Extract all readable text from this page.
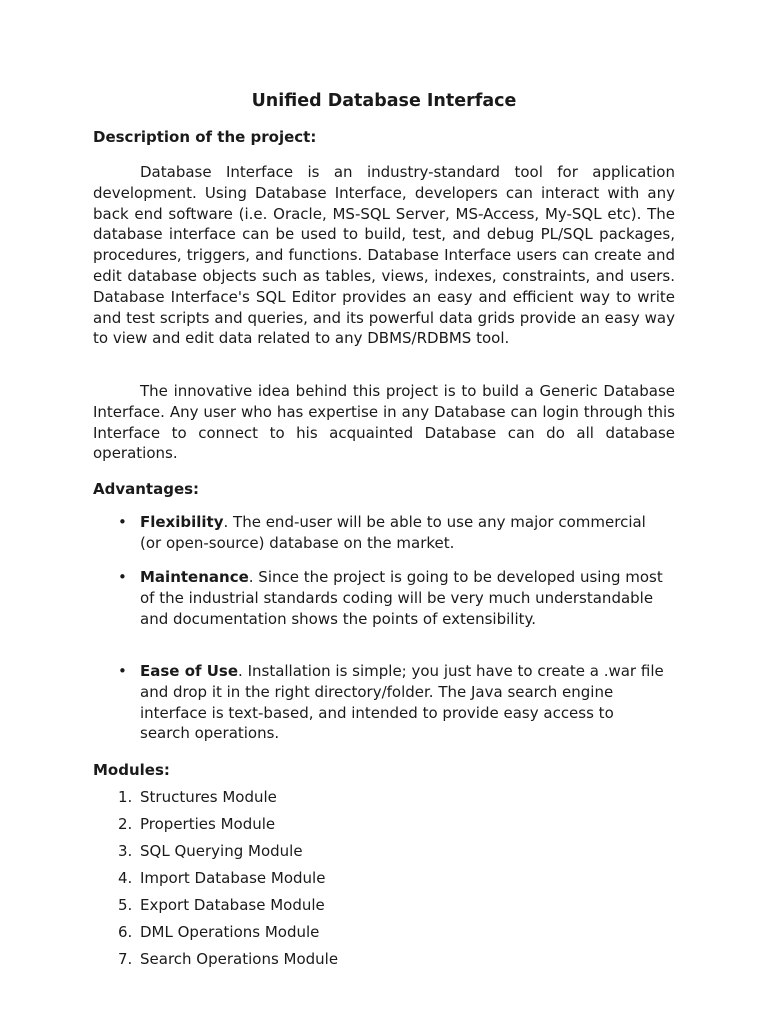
Unified Database Interface
Description of the project:

Database Interface is an industry-standard tool for application development. Using Database Interface, developers can interact with any back end software (i.e. Oracle, MS-SQL Server, MS-Access, My-SQL etc). The database interface can be used to build, test, and debug PL/SQL packages, procedures, triggers, and functions. Database Interface users can create and edit database objects such as tables, views, indexes, constraints, and users. Database Interface's SQL Editor provides an easy and efficient way to write and test scripts and queries, and its powerful data grids provide an easy way to view and edit data related to any DBMS/RDBMS tool.

The innovative idea behind this project is to build a Generic Database Interface. Any user who has expertise in any Database can login through this Interface to connect to his acquainted Database can do all database operations.

Advantages:
• Flexibility. The end-user will be able to use any major commercial (or open-source) database on the market.
• Maintenance. Since the project is going to be developed using most of the industrial standards coding will be very much understandable and documentation shows the points of extensibility.
• Ease of Use. Installation is simple; you just have to create a .war file and drop it in the right directory/folder. The Java search engine interface is text-based, and intended to provide easy access to search operations.
Modules:
1. Structures Module
2. Properties Module
3. SQL Querying Module
4. Import Database Module
5. Export Database Module
6. DML Operations Module
7. Search Operations Module
